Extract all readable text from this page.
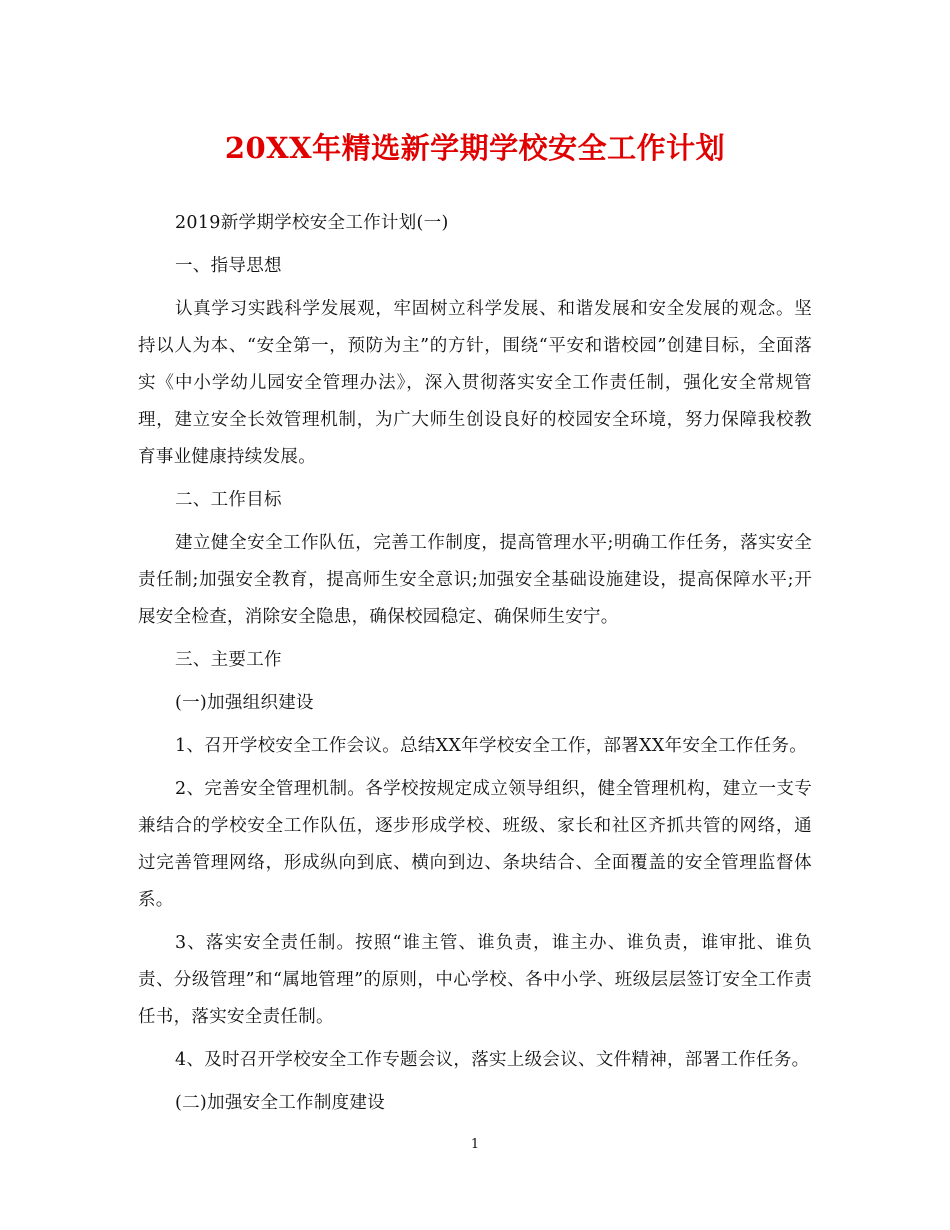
20XX年精选新学期学校安全工作计划

2019新学期学校安全工作计划(一)

一、指导思想

认真学习实践科学发展观，牢固树立科学发展、和谐发展和安全发展的观念。坚持以人为本、“安全第一，预防为主”的方针，围绕“平安和谐校园”创建目标，全面落实《中小学幼儿园安全管理办法》，深入贯彻落实安全工作责任制，强化安全常规管理，建立安全长效管理机制，为广大师生创设良好的校园安全环境，努力保障我校教育事业健康持续发展。

二、工作目标

建立健全安全工作队伍，完善工作制度，提高管理水平;明确工作任务，落实安全责任制;加强安全教育，提高师生安全意识;加强安全基础设施建设，提高保障水平;开展安全检查，消除安全隐患，确保校园稳定、确保师生安宁。

三、主要工作

(一)加强组织建设

1、召开学校安全工作会议。总结XX年学校安全工作，部署XX年安全工作任务。

2、完善安全管理机制。各学校按规定成立领导组织，健全管理机构，建立一支专兼结合的学校安全工作队伍，逐步形成学校、班级、家长和社区齐抓共管的网络，通过完善管理网络，形成纵向到底、横向到边、条块结合、全面覆盖的安全管理监督体系。

3、落实安全责任制。按照“谁主管、谁负责，谁主办、谁负责，谁审批、谁负责、分级管理”和“属地管理”的原则，中心学校、各中小学、班级层层签订安全工作责任书，落实安全责任制。

4、及时召开学校安全工作专题会议，落实上级会议、文件精神，部署工作任务。

(二)加强安全工作制度建设

1
